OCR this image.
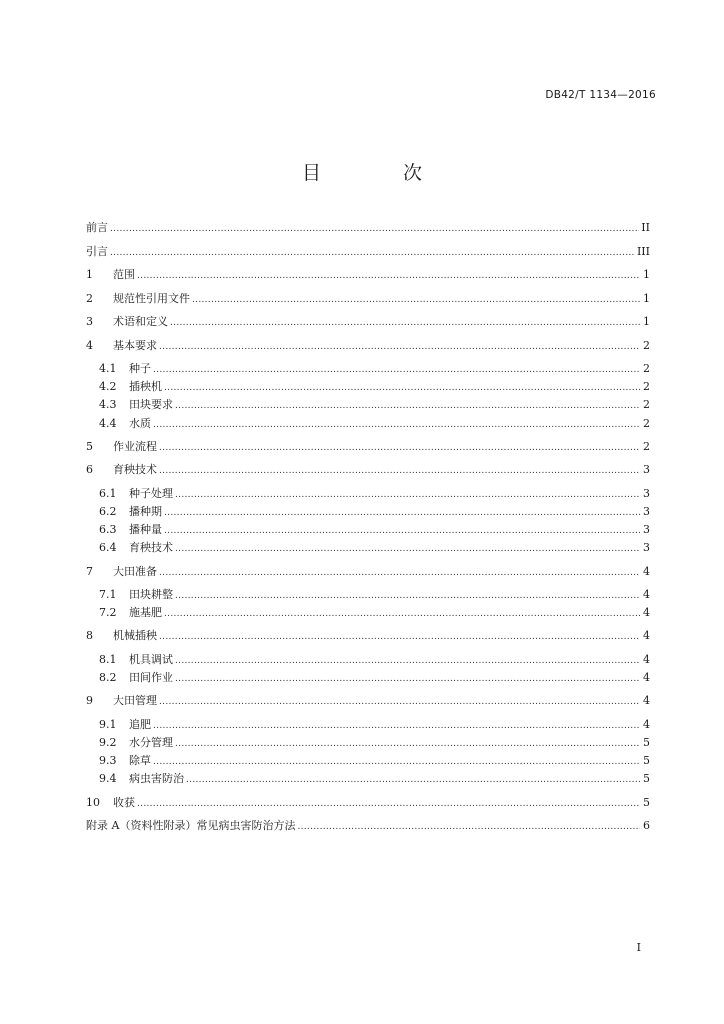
DB42/T 1134—2016
目 次
前言 .....	II
引言 .....	III
1	范围 .....	1
2	规范性引用文件 .....	1
3	术语和定义 .....	1
4	基本要求 .....	2
4.1	种子 .....	2
4.2	插秧机 .....	2
4.3	田块要求 .....	2
4.4	水质 .....	2
5	作业流程 .....	2
6	育秧技术 .....	3
6.1	种子处理 .....	3
6.2	播种期 .....	3
6.3	播种量 .....	3
6.4	育秧技术 .....	3
7	大田准备 .....	4
7.1	田块耕整 .....	4
7.2	施基肥 .....	4
8	机械插秧 .....	4
8.1	机具调试 .....	4
8.2	田间作业 .....	4
9	大田管理 .....	4
9.1	追肥 .....	4
9.2	水分管理 .....	5
9.3	除草 .....	5
9.4	病虫害防治 .....	5
10	收获 .....	5
附录 A（资料性附录）常见病虫害防治方法 .....	6
I
